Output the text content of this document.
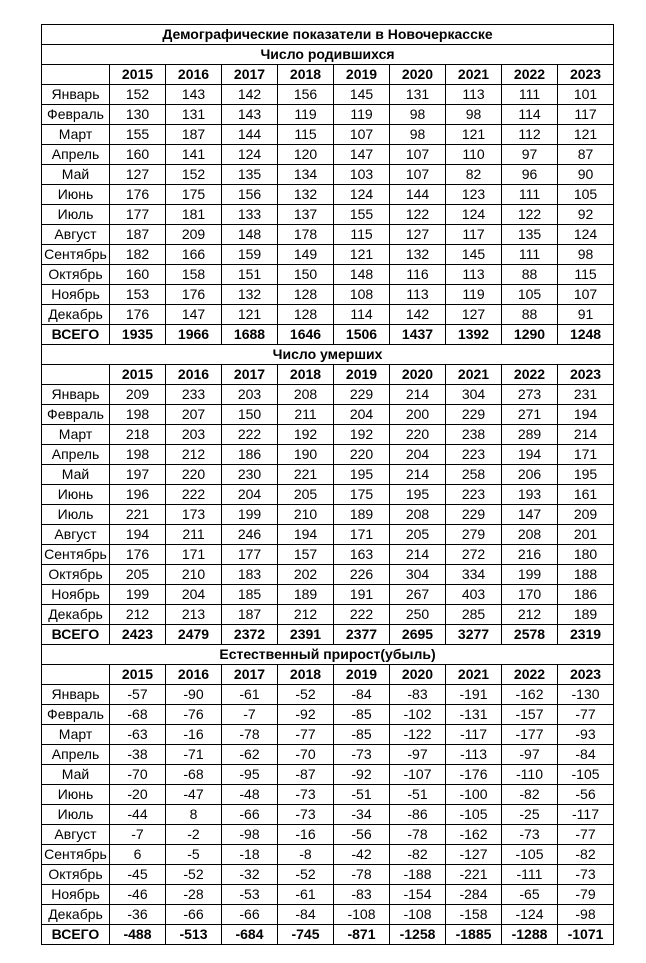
Демографические показатели в Новочеркасске									
Число родившихся									
	2015	2016	2017	2018	2019	2020	2021	2022	2023
Январь	152	143	142	156	145	131	113	111	101
Февраль	130	131	143	119	119	98	98	114	117
Март	155	187	144	115	107	98	121	112	121
Апрель	160	141	124	120	147	107	110	97	87
Май	127	152	135	134	103	107	82	96	90
Июнь	176	175	156	132	124	144	123	111	105
Июль	177	181	133	137	155	122	124	122	92
Август	187	209	148	178	115	127	117	135	124
Сентябрь	182	166	159	149	121	132	145	111	98
Октябрь	160	158	151	150	148	116	113	88	115
Ноябрь	153	176	132	128	108	113	119	105	107
Декабрь	176	147	121	128	114	142	127	88	91
ВСЕГО	1935	1966	1688	1646	1506	1437	1392	1290	1248
Число умерших									
	2015	2016	2017	2018	2019	2020	2021	2022	2023
Январь	209	233	203	208	229	214	304	273	231
Февраль	198	207	150	211	204	200	229	271	194
Март	218	203	222	192	192	220	238	289	214
Апрель	198	212	186	190	220	204	223	194	171
Май	197	220	230	221	195	214	258	206	195
Июнь	196	222	204	205	175	195	223	193	161
Июль	221	173	199	210	189	208	229	147	209
Август	194	211	246	194	171	205	279	208	201
Сентябрь	176	171	177	157	163	214	272	216	180
Октябрь	205	210	183	202	226	304	334	199	188
Ноябрь	199	204	185	189	191	267	403	170	186
Декабрь	212	213	187	212	222	250	285	212	189
ВСЕГО	2423	2479	2372	2391	2377	2695	3277	2578	2319
Естественный прирост(убыль)									
	2015	2016	2017	2018	2019	2020	2021	2022	2023
Январь	-57	-90	-61	-52	-84	-83	-191	-162	-130
Февраль	-68	-76	-7	-92	-85	-102	-131	-157	-77
Март	-63	-16	-78	-77	-85	-122	-117	-177	-93
Апрель	-38	-71	-62	-70	-73	-97	-113	-97	-84
Май	-70	-68	-95	-87	-92	-107	-176	-110	-105
Июнь	-20	-47	-48	-73	-51	-51	-100	-82	-56
Июль	-44	8	-66	-73	-34	-86	-105	-25	-117
Август	-7	-2	-98	-16	-56	-78	-162	-73	-77
Сентябрь	6	-5	-18	-8	-42	-82	-127	-105	-82
Октябрь	-45	-52	-32	-52	-78	-188	-221	-111	-73
Ноябрь	-46	-28	-53	-61	-83	-154	-284	-65	-79
Декабрь	-36	-66	-66	-84	-108	-108	-158	-124	-98
ВСЕГО	-488	-513	-684	-745	-871	-1258	-1885	-1288	-1071
